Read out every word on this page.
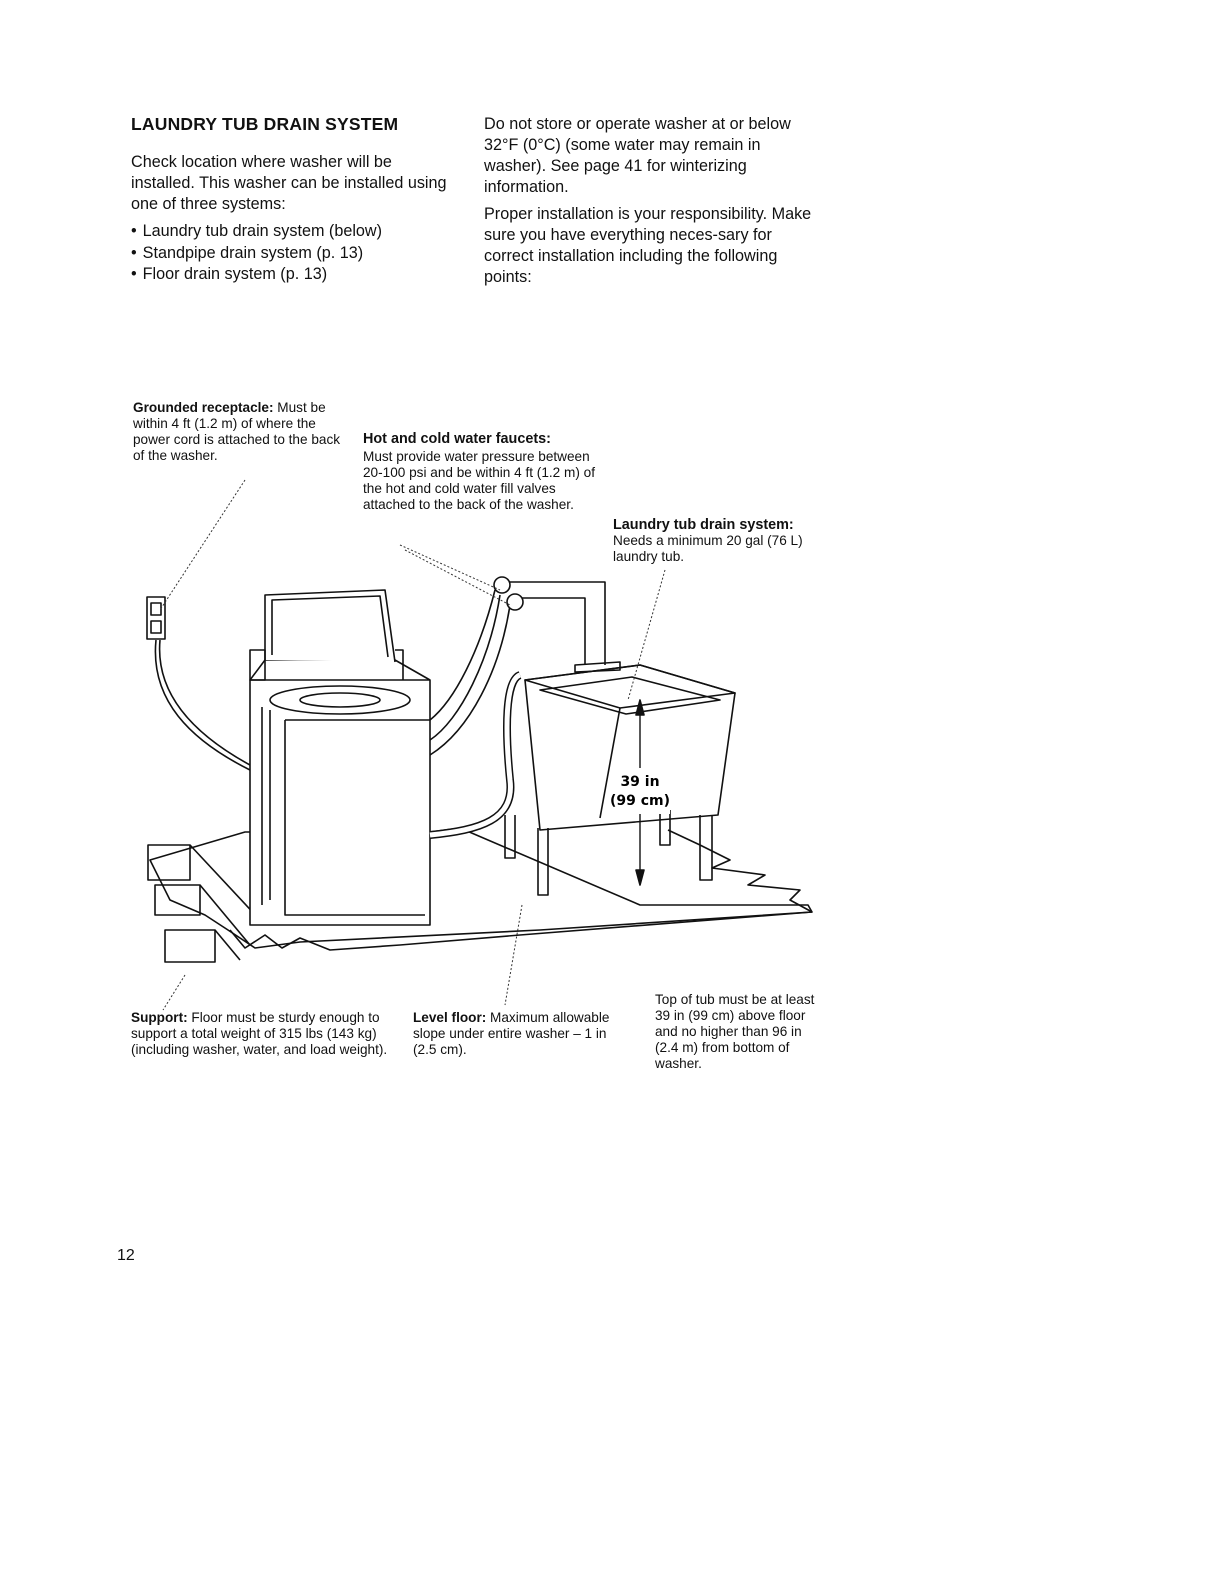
LAUNDRY TUB DRAIN SYSTEM
Check location where washer will be installed. This washer can be installed using one of three systems:
• Laundry tub drain system (below)
• Standpipe drain system (p. 13)
• Floor drain system (p. 13)

Do not store or operate washer at or below 32°F (0°C) (some water may remain in washer). See page 41 for winterizing information.

Proper installation is your responsibility. Make sure you have everything neces-sary for correct installation including the following points:

39 in
(99 cm)
Grounded receptacle: Must be within 4 ft (1.2 m) of where the power cord is attached to the back of the washer.
Hot and cold water faucets:
Must provide water pressure between 20-100 psi and be within 4 ft (1.2 m) of the hot and cold water fill valves attached to the back of the washer.
Laundry tub drain system:
Needs a minimum 20 gal (76 L) laundry tub.
Support: Floor must be sturdy enough to support a total weight of 315 lbs (143 kg) (including washer, water, and load weight).
Level floor: Maximum allowable slope under entire washer – 1 in (2.5 cm).
Top of tub must be at least 39 in (99 cm) above floor and no higher than 96 in (2.4 m) from bottom of washer.
12
